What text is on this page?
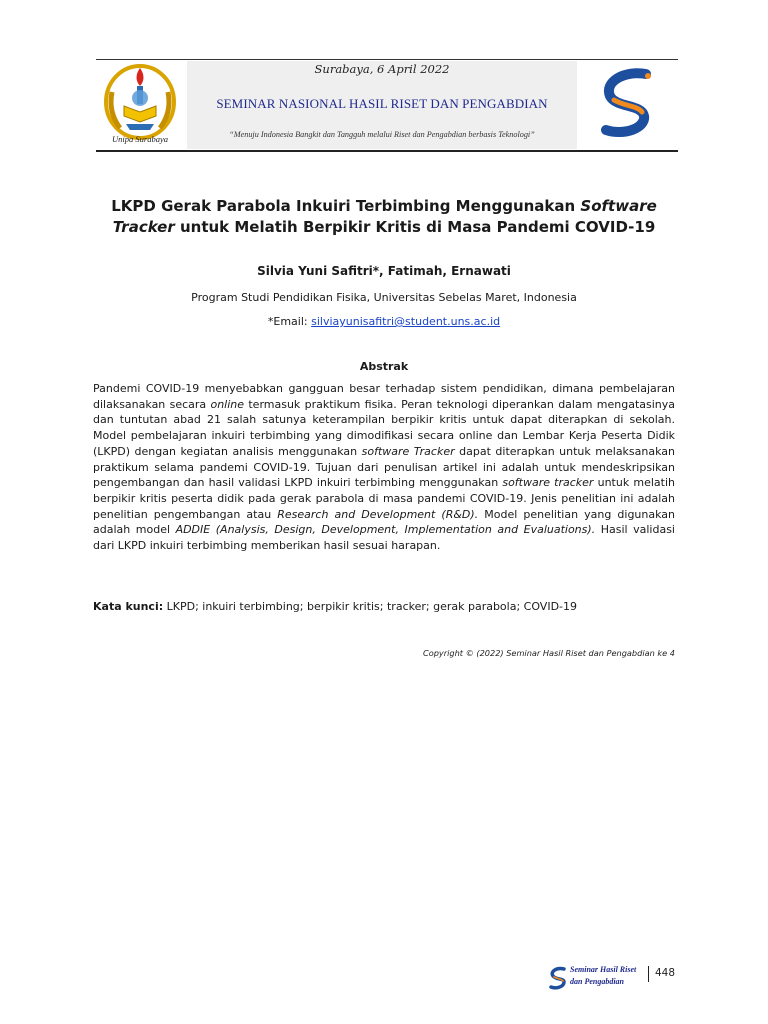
Unipa Surabaya
Surabaya, 6 April 2022
SEMINAR NASIONAL HASIL RISET DAN PENGABDIAN
“Menuju Indonesia Bangkit dan Tangguh melalui Riset dan Pengabdian berbasis Teknologi”
LKPD Gerak Parabola Inkuiri Terbimbing Menggunakan Software Tracker untuk Melatih Berpikir Kritis di Masa Pandemi COVID-19
Silvia Yuni Safitri*, Fatimah, Ernawati
Program Studi Pendidikan Fisika, Universitas Sebelas Maret, Indonesia
*Email: silviayunisafitri@student.uns.ac.id
Abstrak
Pandemi COVID-19 menyebabkan gangguan besar terhadap sistem pendidikan, dimana pembelajaran dilaksanakan secara online termasuk praktikum fisika. Peran teknologi diperankan dalam mengatasinya dan tuntutan abad 21 salah satunya keterampilan berpikir kritis untuk dapat diterapkan di sekolah. Model pembelajaran inkuiri terbimbing yang dimodifikasi secara online dan Lembar Kerja Peserta Didik (LKPD) dengan kegiatan analisis menggunakan software Tracker dapat diterapkan untuk melaksanakan praktikum selama pandemi COVID-19. Tujuan dari penulisan artikel ini adalah untuk mendeskripsikan pengembangan dan hasil validasi LKPD inkuiri terbimbing menggunakan software tracker untuk melatih berpikir kritis peserta didik pada gerak parabola di masa pandemi COVID-19. Jenis penelitian ini adalah penelitian pengembangan atau Research and Development (R&D). Model penelitian yang digunakan adalah model ADDIE (Analysis, Design, Development, Implementation and Evaluations). Hasil validasi dari LKPD inkuiri terbimbing memberikan hasil sesuai harapan.
Kata kunci: LKPD; inkuiri terbimbing; berpikir kritis; tracker; gerak parabola; COVID-19
Copyright © (2022) Seminar Hasil Riset dan Pengabdian ke 4
Seminar Hasil Riset
dan Pengabdian
448
